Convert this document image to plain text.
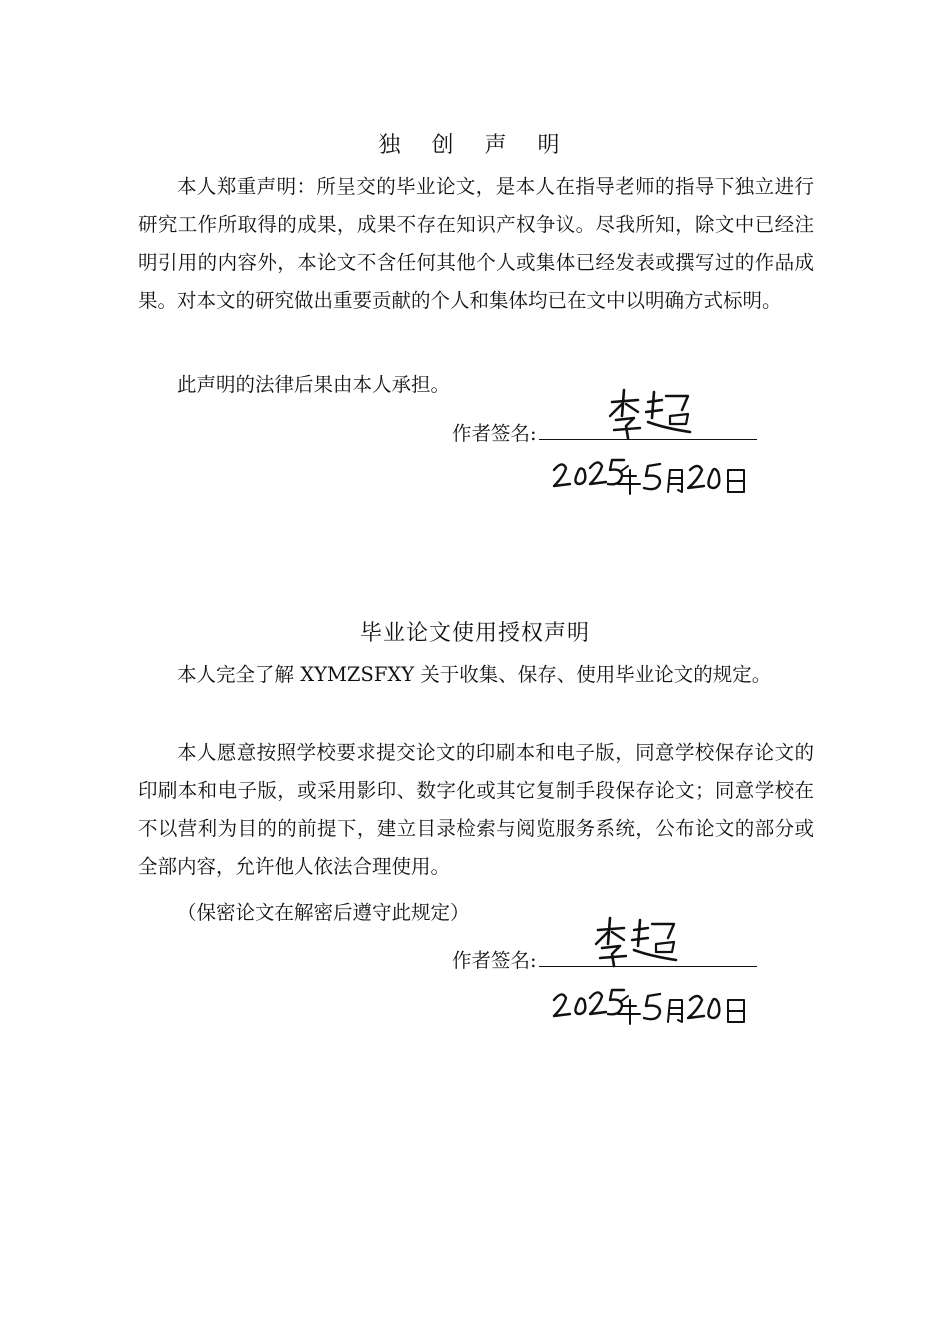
独 创 声 明

本人郑重声明：所呈交的毕业论文，是本人在指导老师的指导下独立进行研究工作所取得的成果，成果不存在知识产权争议。尽我所知，除文中已经注明引用的内容外，本论文不含任何其他个人或集体已经发表或撰写过的作品成果。对本文的研究做出重要贡献的个人和集体均已在文中以明确方式标明。

此声明的法律后果由本人承担。

作者签名:
毕业论文使用授权声明

本人完全了解 XYMZSFXY 关于收集、保存、使用毕业论文的规定。

本人愿意按照学校要求提交论文的印刷本和电子版，同意学校保存论文的印刷本和电子版，或采用影印、数字化或其它复制手段保存论文；同意学校在不以营利为目的的前提下，建立目录检索与阅览服务系统，公布论文的部分或全部内容，允许他人依法合理使用。

（保密论文在解密后遵守此规定）

作者签名:
